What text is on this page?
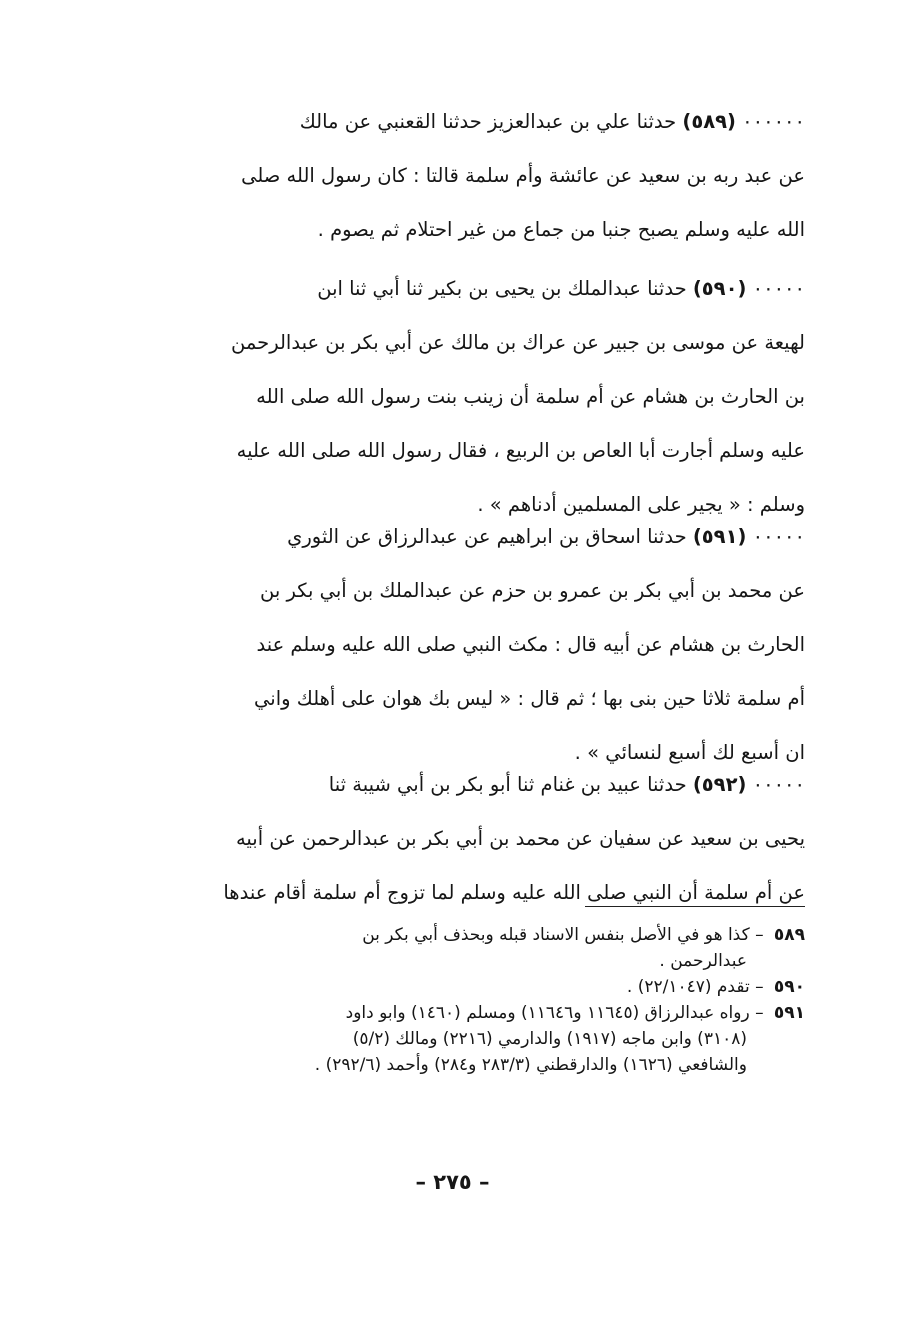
٠٠٠٠٠٠ (٥٨٩) حدثنا علي بن عبدالعزيز حدثنا القعنبي عن مالك
عن عبد ربه بن سعيد عن عائشة وأم سلمة قالتا : كان رسول الله صلى
الله عليه وسلم يصبح جنبا من جماع من غير احتلام ثم يصوم .

٠٠٠٠٠ (٥٩٠) حدثنا عبدالملك بن يحيى بن بكير ثنا أبي ثنا ابن
لهيعة عن موسى بن جبير عن عراك بن مالك عن أبي بكر بن عبدالرحمن
بن الحارث بن هشام عن أم سلمة أن زينب بنت رسول الله صلى الله
عليه وسلم أجارت أبا العاص بن الربيع ، فقال رسول الله صلى الله عليه
وسلم : « يجير على المسلمين أدناهم » .

٠٠٠٠٠ (٥٩١) حدثنا اسحاق بن ابراهيم عن عبدالرزاق عن الثوري
عن محمد بن أبي بكر بن عمرو بن حزم عن عبدالملك بن أبي بكر بن
الحارث بن هشام عن أبيه قال : مكث النبي صلى الله عليه وسلم عند
أم سلمة ثلاثا حين بنى بها ؛ ثم قال : « ليس بك هوان على أهلك واني
ان أسبع لك أسبع لنسائي » .

٠٠٠٠٠ (٥٩٢) حدثنا عبيد بن غنام ثنا أبو بكر بن أبي شيبة ثنا
يحيى بن سعيد عن سفيان عن محمد بن أبي بكر بن عبدالرحمن عن أبيه
عن أم سلمة أن النبي صلى الله عليه وسلم لما تزوج أم سلمة أقام عندها

٥٨٩ – كذا هو في الأصل بنفس الاسناد قبله وبحذف أبي بكر بن
عبدالرحمن .
٥٩٠ – تقدم (٢٢/١٠٤٧) .
٥٩١ – رواه عبدالرزاق (١١٦٤٥ و١١٦٤٦) ومسلم (١٤٦٠) وابو داود
(٣١٠٨) وابن ماجه (١٩١٧) والدارمي (٢٢١٦) ومالك (٥/٢)
والشافعي (١٦٢٦) والدارقطني (٢٨٣/٣ و٢٨٤) وأحمد (٢٩٢/٦) .
– ٢٧٥ –
